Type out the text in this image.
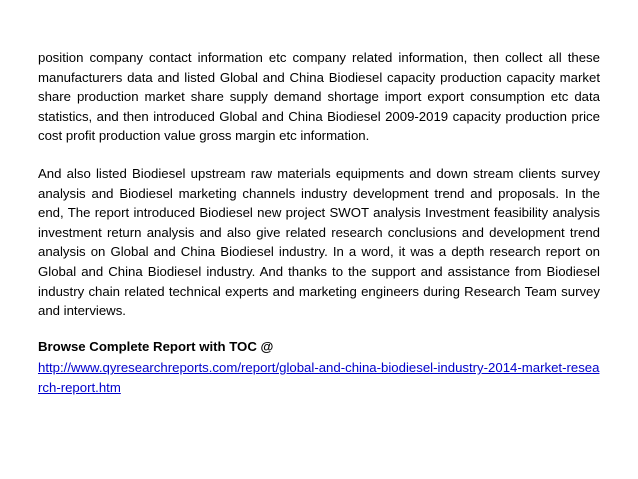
position company contact information etc company related information, then collect all these manufacturers data and listed Global and China Biodiesel capacity production capacity market share production market share supply demand shortage import export consumption etc data statistics, and then introduced Global and China Biodiesel 2009-2019 capacity production price cost profit production value gross margin etc information.

And also listed Biodiesel upstream raw materials equipments and down stream clients survey analysis and Biodiesel marketing channels industry development trend and proposals. In the end, The report introduced Biodiesel new project SWOT analysis Investment feasibility analysis investment return analysis and also give related research conclusions and development trend analysis on Global and China Biodiesel industry. In a word, it was a depth research report on Global and China Biodiesel industry. And thanks to the support and assistance from Biodiesel industry chain related technical experts and marketing engineers during Research Team survey and interviews.

Browse Complete Report with TOC @

http://www.qyresearchreports.com/report/global-and-china-biodiesel-industry-2014-market-research-report.htm
